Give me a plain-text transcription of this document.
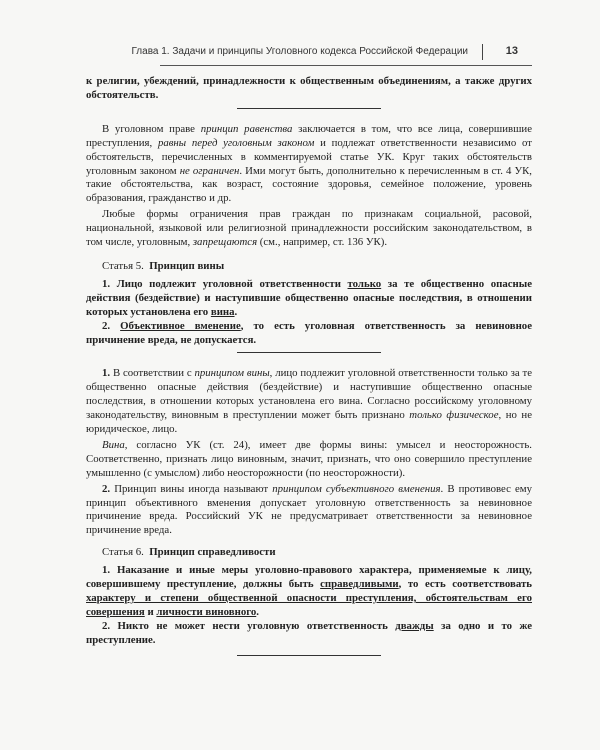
Глава 1. Задачи и принципы Уголовного кодекса Российской Федерации	13

к религии, убеждений, принадлежности к общественным объединениям, а также других обстоятельств.

В уголовном праве принцип равенства заключается в том, что все лица, совершившие преступления, равны перед уголовным законом и подлежат ответственности независимо от обстоятельств, перечисленных в комментируемой статье УК. Круг таких обстоятельств уголовным законом не ограничен. Ими могут быть, дополнительно к перечисленным в ст. 4 УК, такие обстоятельства, как возраст, состояние здоровья, семейное положение, уровень образования, гражданство и др.

Любые формы ограничения прав граждан по признакам социальной, расовой, национальной, языковой или религиозной принадлежности российским законодательством, в том числе, уголовным, запрещаются (см., например, ст. 136 УК).

Статья 5. Принцип вины

1. Лицо подлежит уголовной ответственности только за те общественно опасные действия (бездействие) и наступившие общественно опасные последствия, в отношении которых установлена его вина.

2. Объективное вменение, то есть уголовная ответственность за невиновное причинение вреда, не допускается.

1. В соответствии с принципом вины, лицо подлежит уголовной ответственности только за те общественно опасные действия (бездействие) и наступившие общественно опасные последствия, в отношении которых установлена его вина. Согласно российскому уголовному законодательству, виновным в преступлении может быть признано только физическое, но не юридическое, лицо.

Вина, согласно УК (ст. 24), имеет две формы вины: умысел и неосторожность. Соответственно, признать лицо виновным, значит, признать, что оно совершило преступление умышленно (с умыслом) либо неосторожности (по неосторожности).

2. Принцип вины иногда называют принципом субъективного вменения. В противовес ему принцип объективного вменения допускает уголовную ответственность за невиновное причинение вреда. Российский УК не предусматривает ответственности за невиновное причинение вреда.

Статья 6. Принцип справедливости

1. Наказание и иные меры уголовно-правового характера, применяемые к лицу, совершившему преступление, должны быть справедливыми, то есть соответствовать характеру и степени общественной опасности преступления, обстоятельствам его совершения и личности виновного.

2. Никто не может нести уголовную ответственность дважды за одно и то же преступление.
